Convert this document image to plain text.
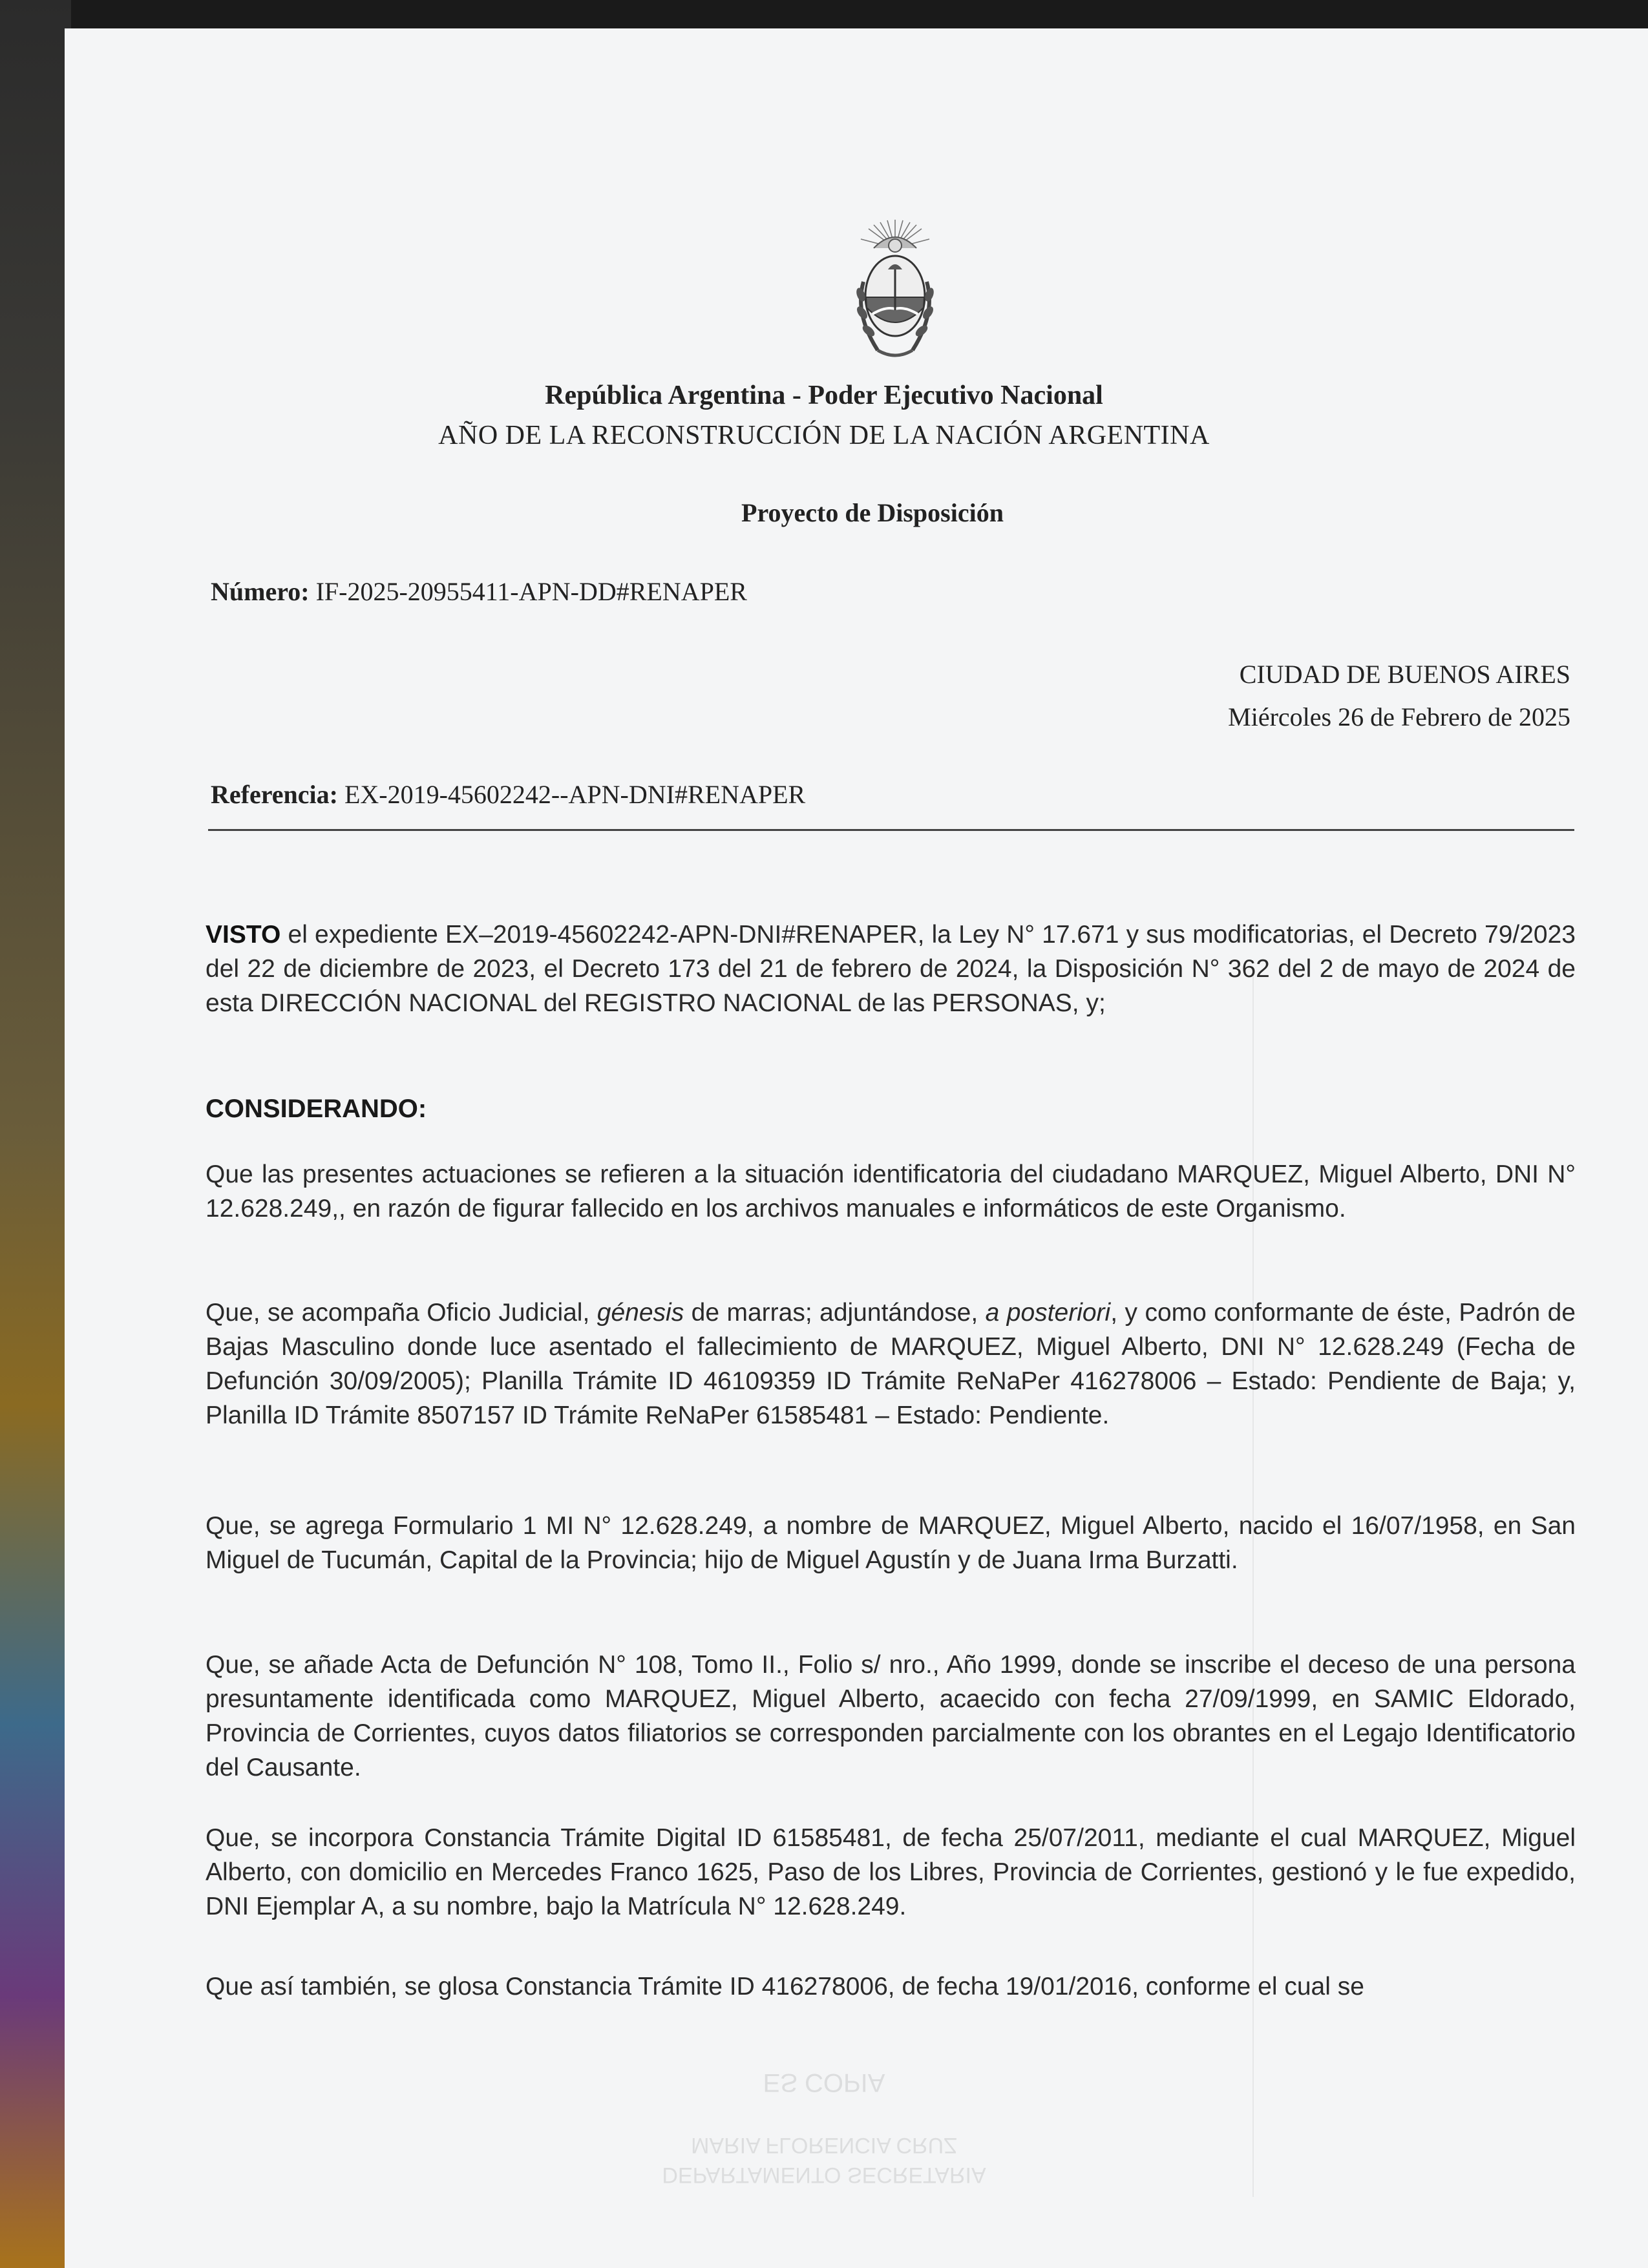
República Argentina - Poder Ejecutivo Nacional
AÑO DE LA RECONSTRUCCIÓN DE LA NACIÓN ARGENTINA
Proyecto de Disposición
Número: IF-2025-20955411-APN-DD#RENAPER
CIUDAD DE BUENOS AIRES
Miércoles 26 de Febrero de 2025
Referencia: EX-2019-45602242--APN-DNI#RENAPER

VISTO el expediente EX–2019-45602242-APN-DNI#RENAPER, la Ley N° 17.671 y sus modificatorias, el Decreto 79/2023 del 22 de diciembre de 2023, el Decreto 173 del 21 de febrero de 2024, la Disposición N° 362 del 2 de mayo de 2024 de esta DIRECCIÓN NACIONAL del REGISTRO NACIONAL de las PERSONAS, y;

CONSIDERANDO:

Que las presentes actuaciones se refieren a la situación identificatoria del ciudadano MARQUEZ, Miguel Alberto, DNI N° 12.628.249,, en razón de figurar fallecido en los archivos manuales e informáticos de este Organismo.

Que, se acompaña Oficio Judicial, génesis de marras; adjuntándose, a posteriori, y como conformante de éste, Padrón de Bajas Masculino donde luce asentado el fallecimiento de MARQUEZ, Miguel Alberto, DNI N° 12.628.249 (Fecha de Defunción 30/09/2005); Planilla Trámite ID 46109359 ID Trámite ReNaPer 416278006 – Estado: Pendiente de Baja; y, Planilla ID Trámite 8507157 ID Trámite ReNaPer 61585481 – Estado: Pendiente.

Que, se agrega Formulario 1 MI N° 12.628.249, a nombre de MARQUEZ, Miguel Alberto, nacido el 16/07/1958, en San Miguel de Tucumán, Capital de la Provincia; hijo de Miguel Agustín y de Juana Irma Burzatti.

Que, se añade Acta de Defunción N° 108, Tomo II., Folio s/ nro., Año 1999, donde se inscribe el deceso de una persona presuntamente identificada como MARQUEZ, Miguel Alberto, acaecido con fecha 27/09/1999, en SAMIC Eldorado, Provincia de Corrientes, cuyos datos filiatorios se corresponden parcialmente con los obrantes en el Legajo Identificatorio del Causante.

Que, se incorpora Constancia Trámite Digital ID 61585481, de fecha 25/07/2011, mediante el cual MARQUEZ, Miguel Alberto, con domicilio en Mercedes Franco 1625, Paso de los Libres, Provincia de Corrientes, gestionó y le fue expedido, DNI Ejemplar A, a su nombre, bajo la Matrícula N° 12.628.249.

Que así también, se glosa Constancia Trámite ID 416278006, de fecha 19/01/2016, conforme el cual se

ES COPIA
MARIA FLORENCIA CRUZ
DEPARTAMENTO SECRETARIA
